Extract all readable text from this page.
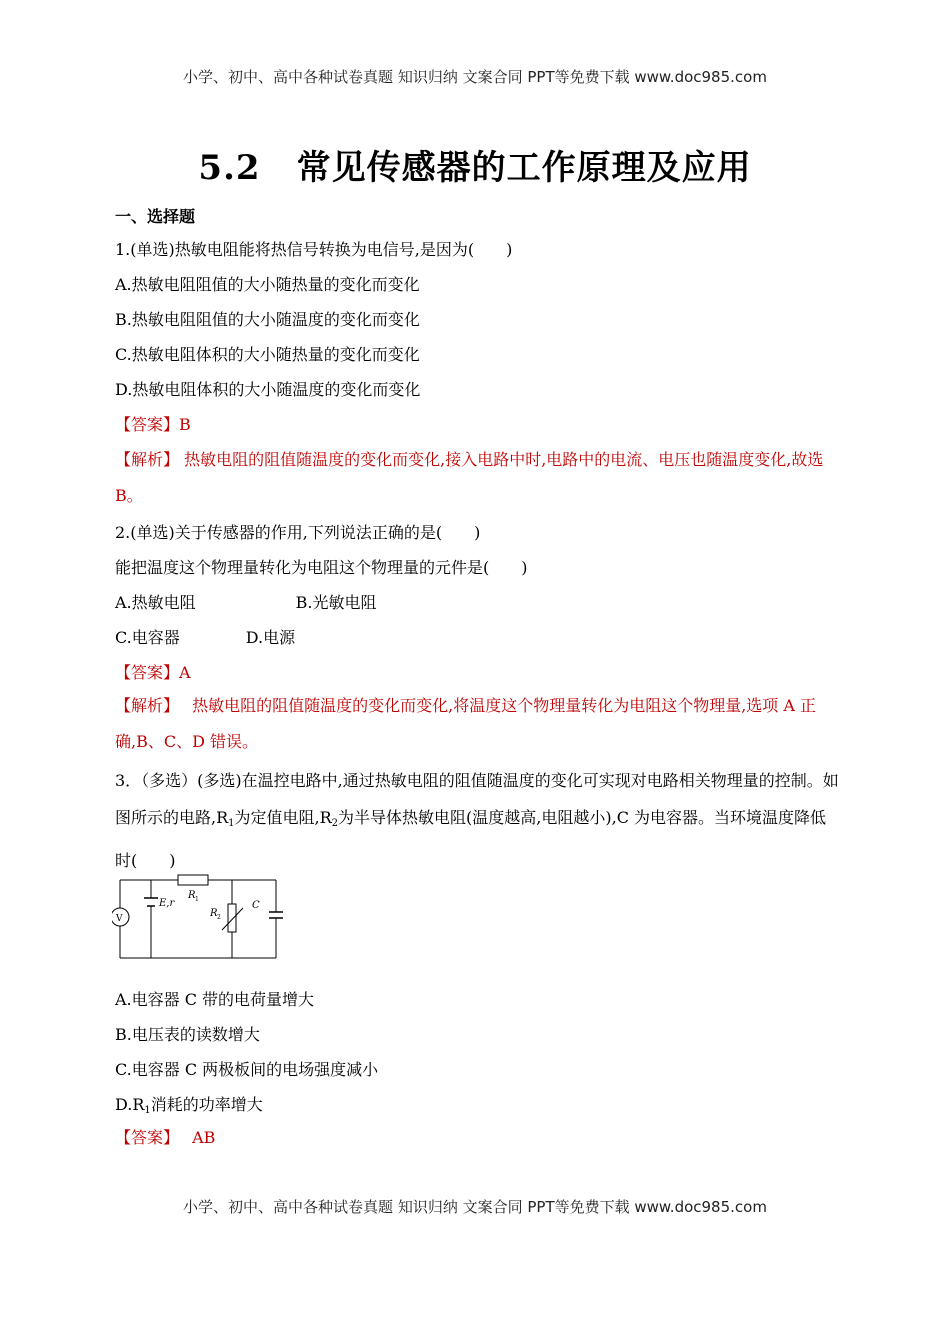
小学、初中、高中各种试卷真题 知识归纳 文案合同 PPT等免费下载 www.doc985.com
5.2 常见传感器的工作原理及应用
一、选择题
1.(单选)热敏电阻能将热信号转换为电信号,是因为(　　)
A.热敏电阻阻值的大小随热量的变化而变化
B.热敏电阻阻值的大小随温度的变化而变化
C.热敏电阻体积的大小随热量的变化而变化
D.热敏电阻体积的大小随温度的变化而变化
【答案】B
【解析】 热敏电阻的阻值随温度的变化而变化,接入电路中时,电路中的电流、电压也随温度变化,故选 B。
2.(单选)关于传感器的作用,下列说法正确的是(　　)
能把温度这个物理量转化为电阻这个物理量的元件是(　　)
A.热敏电阻	B.光敏电阻
C.电容器	D.电源
【答案】A
【解析】　 热敏电阻的阻值随温度的变化而变化,将温度这个物理量转化为电阻这个物理量,选项 A 正确,B、C、D 错误。
3．（多选）(多选)在温控电路中,通过热敏电阻的阻值随温度的变化可实现对电路相关物理量的控制。如图所示的电路$,R_1$为定值电阻$,R_2$为半导体热敏电阻(温度越高,电阻越小),C 为电容器。当环境温度降低时(　　)
V
E,r
R 1
R 2
C
A.电容器 C 带的电荷量增大
B.电压表的读数增大
C.电容器 C 两极板间的电场强度减小
$D.R_1$消耗的功率增大
【答案】　 AB
小学、初中、高中各种试卷真题 知识归纳 文案合同 PPT等免费下载 www.doc985.com
